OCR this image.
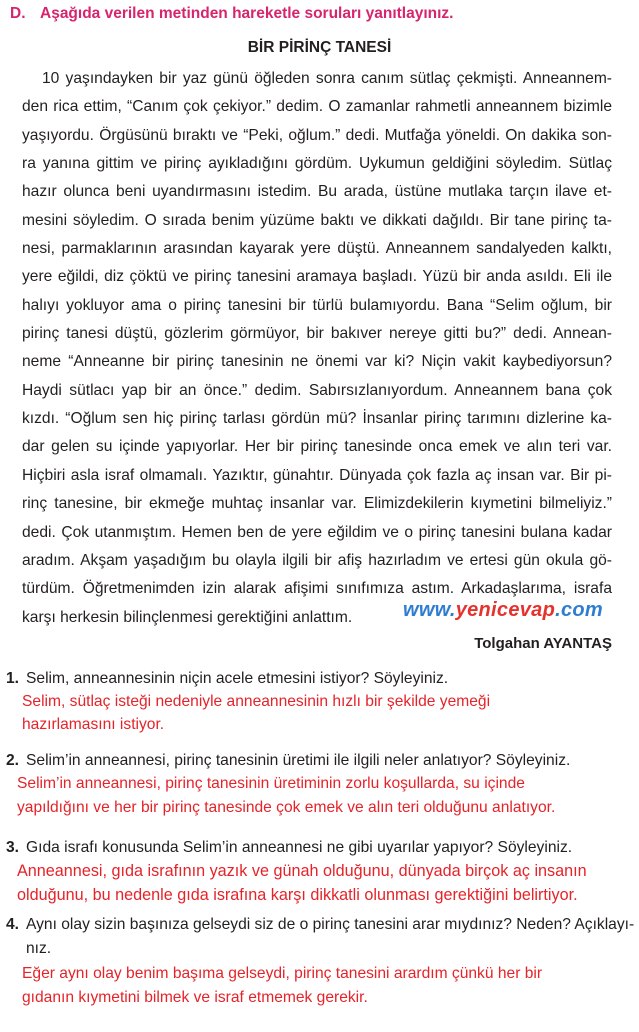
D. Aşağıda verilen metinden hareketle soruları yanıtlayınız.
BİR PİRİNÇ TANESİ
10 yaşındayken bir yaz günü öğleden sonra canım sütlaç çekmişti. Anneannem-
den rica ettim, “Canım çok çekiyor.” dedim. O zamanlar rahmetli anneannem bizimle
yaşıyordu. Örgüsünü bıraktı ve “Peki, oğlum.” dedi. Mutfağa yöneldi. On dakika son-
ra yanına gittim ve pirinç ayıkladığını gördüm. Uykumun geldiğini söyledim. Sütlaç
hazır olunca beni uyandırmasını istedim. Bu arada, üstüne mutlaka tarçın ilave et-
mesini söyledim. O sırada benim yüzüme baktı ve dikkati dağıldı. Bir tane pirinç ta-
nesi, parmaklarının arasından kayarak yere düştü. Anneannem sandalyeden kalktı,
yere eğildi, diz çöktü ve pirinç tanesini aramaya başladı. Yüzü bir anda asıldı. Eli ile
halıyı yokluyor ama o pirinç tanesini bir türlü bulamıyordu. Bana “Selim oğlum, bir
pirinç tanesi düştü, gözlerim görmüyor, bir bakıver nereye gitti bu?” dedi. Annean-
neme “Anneanne bir pirinç tanesinin ne önemi var ki? Niçin vakit kaybediyorsun?
Haydi sütlacı yap bir an önce.” dedim. Sabırsızlanıyordum. Anneannem bana çok
kızdı. “Oğlum sen hiç pirinç tarlası gördün mü? İnsanlar pirinç tarımını dizlerine ka-
dar gelen su içinde yapıyorlar. Her bir pirinç tanesinde onca emek ve alın teri var.
Hiçbiri asla israf olmamalı. Yazıktır, günahtır. Dünyada çok fazla aç insan var. Bir pi-
rinç tanesine, bir ekmeğe muhtaç insanlar var. Elimizdekilerin kıymetini bilmeliyiz.”
dedi. Çok utanmıştım. Hemen ben de yere eğildim ve o pirinç tanesini bulana kadar
aradım. Akşam yaşadığım bu olayla ilgili bir afiş hazırladım ve ertesi gün okula gö-
türdüm. Öğretmenimden izin alarak afişimi sınıfımıza astım. Arkadaşlarıma, israfa
karşı herkesin bilinçlenmesi gerektiğini anlattım.	www.yenicevap.com
Tolgahan AYANTAŞ
1. Selim, anneannesinin niçin acele etmesini istiyor? Söyleyiniz.
Selim, sütlaç isteği nedeniyle anneannesinin hızlı bir şekilde yemeği
hazırlamasını istiyor.
2. Selim’in anneannesi, pirinç tanesinin üretimi ile ilgili neler anlatıyor? Söyleyiniz.
Selim’in anneannesi, pirinç tanesinin üretiminin zorlu koşullarda, su içinde
yapıldığını ve her bir pirinç tanesinde çok emek ve alın teri olduğunu anlatıyor.
3. Gıda israfı konusunda Selim’in anneannesi ne gibi uyarılar yapıyor? Söyleyiniz.
Anneannesi, gıda israfının yazık ve günah olduğunu, dünyada birçok aç insanın
olduğunu, bu nedenle gıda israfına karşı dikkatli olunması gerektiğini belirtiyor.
4. Aynı olay sizin başınıza gelseydi siz de o pirinç tanesini arar mıydınız? Neden? Açıklayı-
nız.
Eğer aynı olay benim başıma gelseydi, pirinç tanesini arardım çünkü her bir
gıdanın kıymetini bilmek ve israf etmemek gerekir.
